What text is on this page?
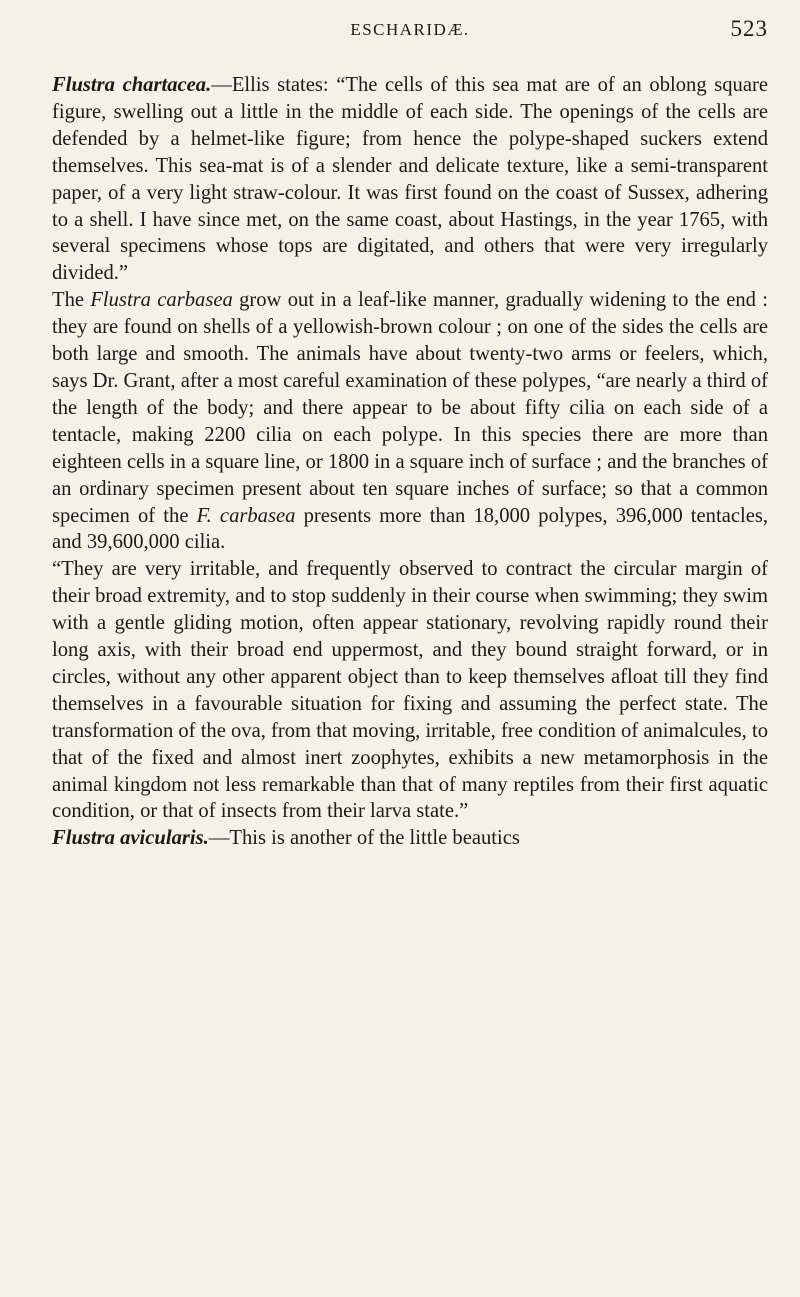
ESCHARIDÆ.	523

Flustra chartacea.—Ellis states: “The cells of this sea mat are of an oblong square figure, swelling out a little in the middle of each side. The openings of the cells are defended by a helmet-like figure; from hence the polype-shaped suckers extend themselves. This sea-mat is of a slender and delicate texture, like a semi-transparent paper, of a very light straw-colour. It was first found on the coast of Sussex, adhering to a shell. I have since met, on the same coast, about Hastings, in the year 1765, with several specimens whose tops are digitated, and others that were very irregularly divided.”

The Flustra carbasea grow out in a leaf-like manner, gradually widening to the end : they are found on shells of a yellowish-brown colour ; on one of the sides the cells are both large and smooth. The animals have about twenty-two arms or feelers, which, says Dr. Grant, after a most careful examination of these polypes, “are nearly a third of the length of the body; and there appear to be about fifty cilia on each side of a tentacle, making 2200 cilia on each polype. In this species there are more than eighteen cells in a square line, or 1800 in a square inch of surface ; and the branches of an ordinary specimen present about ten square inches of surface; so that a common specimen of the F. carbasea presents more than 18,000 polypes, 396,000 tentacles, and 39,600,000 cilia.

“They are very irritable, and frequently observed to contract the circular margin of their broad extremity, and to stop suddenly in their course when swimming; they swim with a gentle gliding motion, often appear stationary, revolving rapidly round their long axis, with their broad end uppermost, and they bound straight forward, or in circles, without any other apparent object than to keep themselves afloat till they find themselves in a favourable situation for fixing and assuming the perfect state. The transformation of the ova, from that moving, irritable, free condition of animalcules, to that of the fixed and almost inert zoophytes, exhibits a new metamorphosis in the animal kingdom not less remarkable than that of many reptiles from their first aquatic condition, or that of insects from their larva state.”

Flustra avicularis.—This is another of the little beautics
